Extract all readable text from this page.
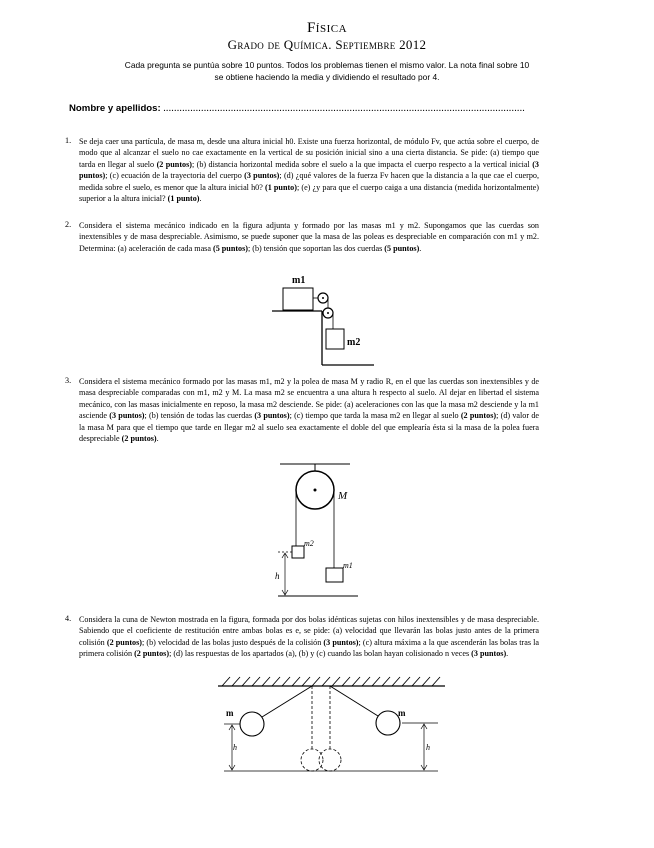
Física
Grado de Química. Septiembre 2012
Cada pregunta se puntúa sobre 10 puntos. Todos los problemas tienen el mismo valor. La nota final sobre 10
se obtiene haciendo la media y dividiendo el resultado por 4.
Nombre y apellidos: ......................................................................................................................................
1. Se deja caer una partícula, de masa m, desde una altura inicial h0. Existe una fuerza horizontal, de módulo Fv, que actúa sobre el cuerpo, de modo que al alcanzar el suelo no cae exactamente en la vertical de su posición inicial sino a una cierta distancia. Se pide: (a) tiempo que tarda en llegar al suelo (2 puntos); (b) distancia horizontal medida sobre el suelo a la que impacta el cuerpo respecto a la vertical inicial (3 puntos); (c) ecuación de la trayectoria del cuerpo (3 puntos); (d) ¿qué valores de la fuerza Fv hacen que la distancia a la que cae el cuerpo, medida sobre el suelo, es menor que la altura inicial h0? (1 punto); (e) ¿y para que el cuerpo caiga a una distancia (medida horizontalmente) superior a la altura inicial? (1 punto).
2. Considera el sistema mecánico indicado en la figura adjunta y formado por las masas m1 y m2. Supongamos que las cuerdas son inextensibles y de masa despreciable. Asimismo, se puede suponer que la masa de las poleas es despreciable en comparación con m1 y m2. Determina: (a) aceleración de cada masa (5 puntos); (b) tensión que soportan las dos cuerdas (5 puntos).
m1
m2
3. Considera el sistema mecánico formado por las masas m1, m2 y la polea de masa M y radio R, en el que las cuerdas son inextensibles y de masa despreciable comparadas con m1, m2 y M. La masa m2 se encuentra a una altura h respecto al suelo. Al dejar en libertad el sistema mecánico, con las masas inicialmente en reposo, la masa m2 desciende. Se pide: (a) aceleraciones con las que la masa m2 desciende y la m1 asciende (3 puntos); (b) tensión de todas las cuerdas (3 puntos); (c) tiempo que tarda la masa m2 en llegar al suelo (2 puntos); (d) valor de la masa M para que el tiempo que tarde en llegar m2 al suelo sea exactamente el doble del que emplearía ésta si la masa de la polea fuera despreciable (2 puntos).
M
m2
m1
h
4. Considera la cuna de Newton mostrada en la figura, formada por dos bolas idénticas sujetas con hilos inextensibles y de masa despreciable. Sabiendo que el coeficiente de restitución entre ambas bolas es e, se pide: (a) velocidad que llevarán las bolas justo antes de la primera colisión (2 puntos); (b) velocidad de las bolas justo después de la colisión (3 puntos); (c) altura máxima a la que ascenderán las bolas tras la primera colisión (2 puntos); (d) las respuestas de los apartados (a), (b) y (c) cuando las bolan hayan colisionado n veces (3 puntos).
m	m
h	h
